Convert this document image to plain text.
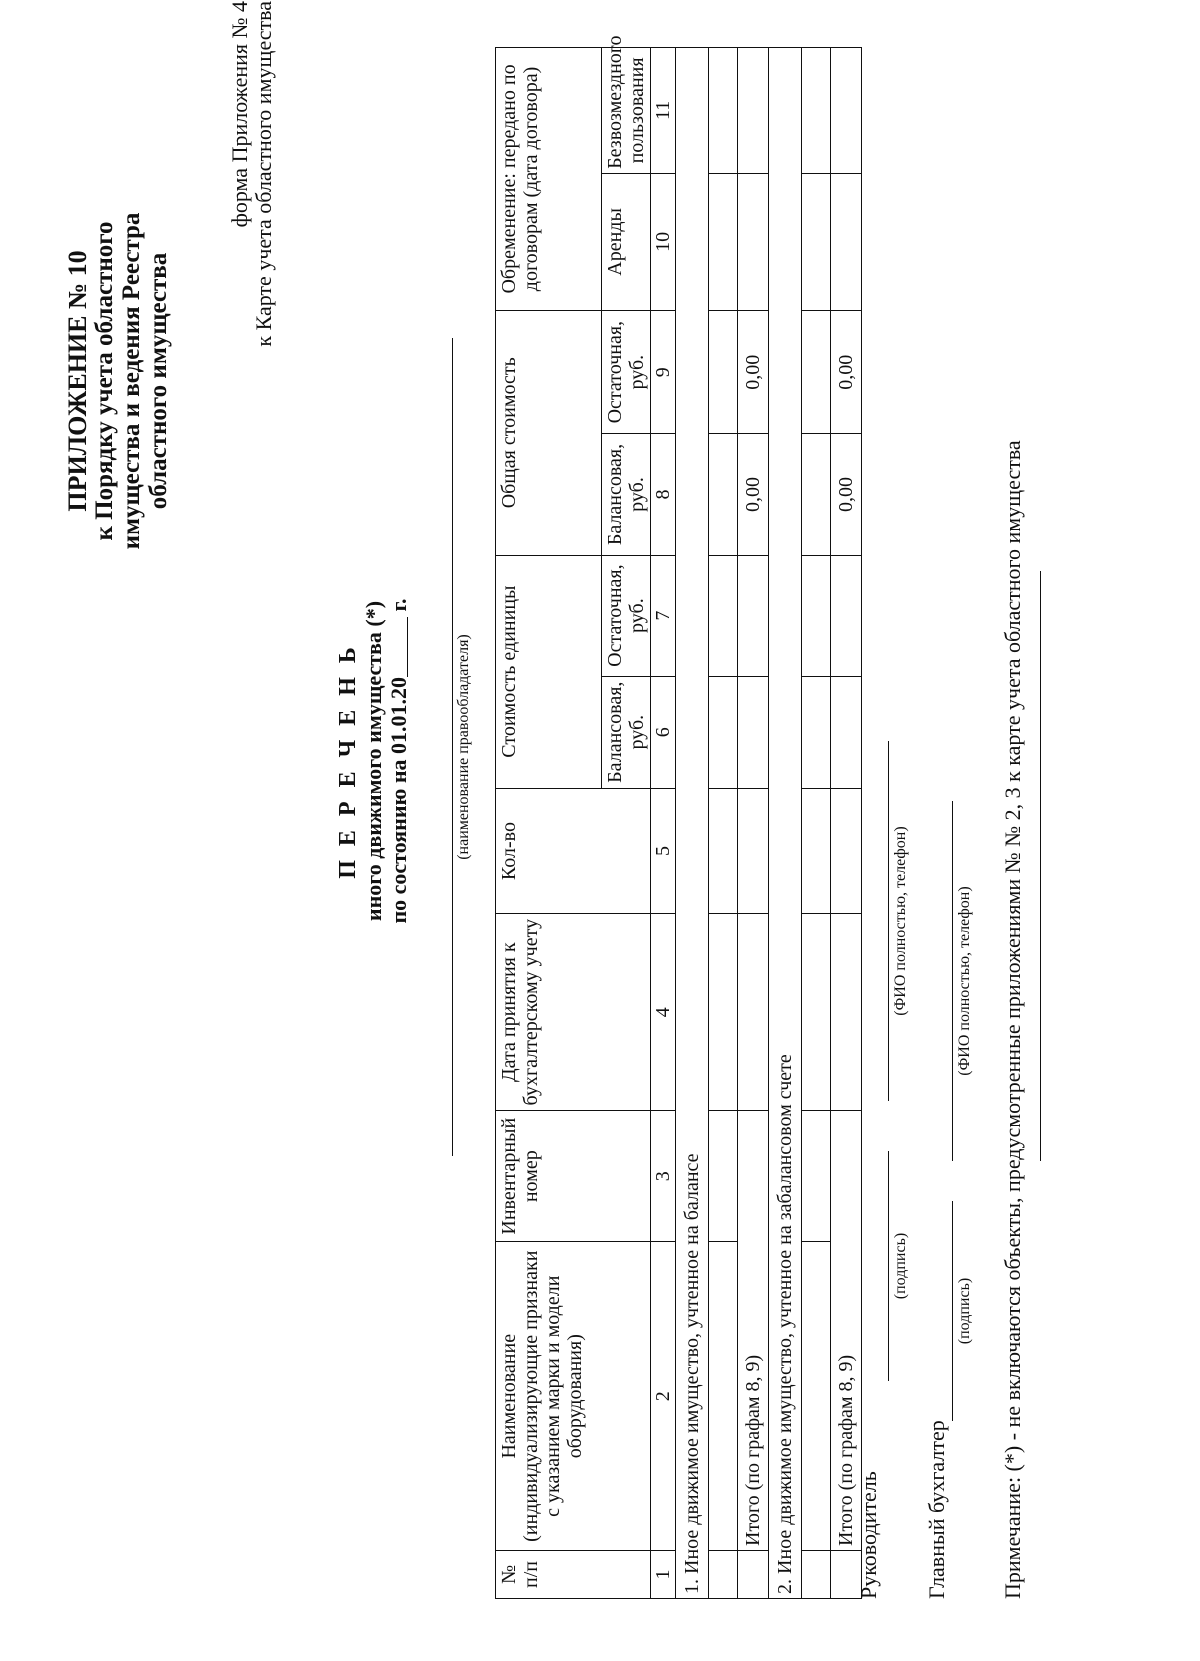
ПРИЛОЖЕНИЕ № 10 к Порядку учета областного имущества и ведения Реестра областного имущества
форма Приложения № 4 к Карте учета областного имущества
П Е Р Е Ч Е Н Ь иного движимого имущества (*) по состоянию на 01.01.20 г.
(наименование правообладателя)
№ п/п	Наименование (индивидуализирующие признаки с указанием марки и модели оборудования)	Инвентарный номер	Дата принятия к бухгалтерскому учету	Кол-во	Стоимость единицы		Общая стоимость		Обременение: передано по договорам (дата договора)	
					Балансовая, руб.	Остаточная, руб.	Балансовая, руб.	Остаточная, руб.	Аренды	Безвозмездного пользования
1	2	3	4	5	6	7	8	9	10	11
1. Иное движимое имущество, учтенное на балансе										

	Итого (по графам 8, 9)						0,00	0,00		
2. Иное движимое имущество, учтенное на забалансовом счете										

	Итого (по графам 8, 9)						0,00	0,00		
Руководитель
(подпись)
(ФИО полностью, телефон)
Главный бухгалтер
(подпись)
(ФИО полностью, телефон) Примечание: (*) - не включаются объекты, предусмотренные приложениями № № 2, 3 к карте учета областного имущества
